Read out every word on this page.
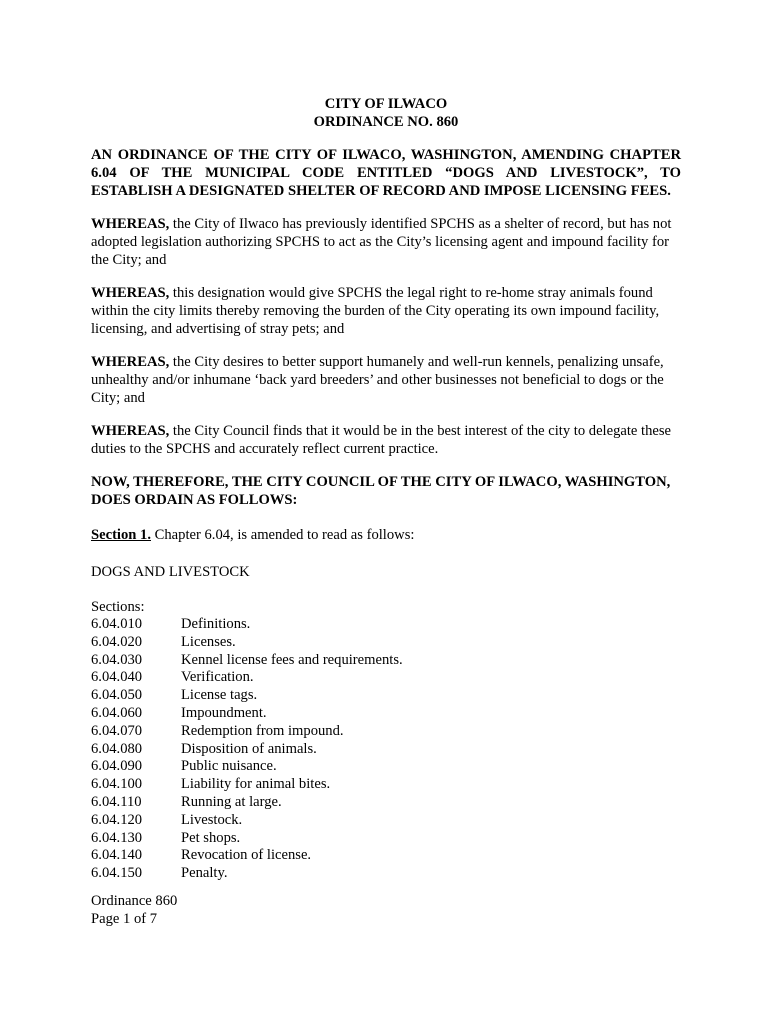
CITY OF ILWACO

ORDINANCE NO. 860

AN ORDINANCE OF THE CITY OF ILWACO, WASHINGTON, AMENDING CHAPTER 6.04 OF THE MUNICIPAL CODE ENTITLED “DOGS AND LIVESTOCK”, TO ESTABLISH A DESIGNATED SHELTER OF RECORD AND IMPOSE LICENSING FEES.

WHEREAS, the City of Ilwaco has previously identified SPCHS as a shelter of record, but has not adopted legislation authorizing SPCHS to act as the City’s licensing agent and impound facility for the City; and

WHEREAS, this designation would give SPCHS the legal right to re-home stray animals found within the city limits thereby removing the burden of the City operating its own impound facility, licensing, and advertising of stray pets; and

WHEREAS, the City desires to better support humanely and well-run kennels, penalizing unsafe, unhealthy and/or inhumane ‘back yard breeders’ and other businesses not beneficial to dogs or the City; and

WHEREAS, the City Council finds that it would be in the best interest of the city to delegate these duties to the SPCHS and accurately reflect current practice.

NOW, THEREFORE, THE CITY COUNCIL OF THE CITY OF ILWACO, WASHINGTON, DOES ORDAIN AS FOLLOWS:

Section 1. Chapter 6.04, is amended to read as follows:

DOGS AND LIVESTOCK

Sections:

6.04.010	Definitions.
6.04.020	Licenses.
6.04.030	Kennel license fees and requirements.
6.04.040	Verification.
6.04.050	License tags.
6.04.060	Impoundment.
6.04.070	Redemption from impound.
6.04.080	Disposition of animals.
6.04.090	Public nuisance.
6.04.100	Liability for animal bites.
6.04.110	Running at large.
6.04.120	Livestock.
6.04.130	Pet shops.
6.04.140	Revocation of license.
6.04.150	Penalty.
Ordinance 860
Page 1 of 7
